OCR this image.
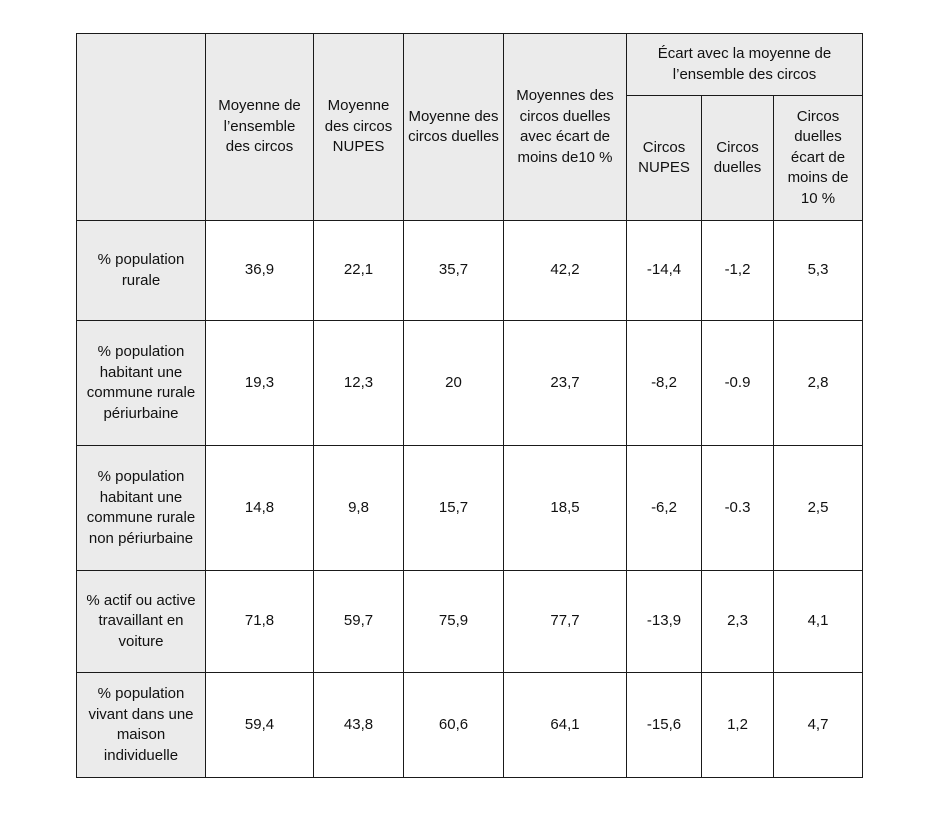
	Moyenne de l’ensemble des circos	Moyenne des circos NUPES	Moyenne des circos duelles	Moyennes des circos duelles avec écart de moins de10 %	Écart avec la moyenne de l’ensemble des circos		
					Circos NUPES	Circos duelles	Circos duelles écart de moins de 10 %
% population rurale	36,9	22,1	35,7	42,2	-14,4	-1,2	5,3
% population habitant une commune rurale périurbaine	19,3	12,3	20	23,7	-8,2	-0.9	2,8
% population habitant une commune rurale non périurbaine	14,8	9,8	15,7	18,5	-6,2	-0.3	2,5
% actif ou active travaillant en voiture	71,8	59,7	75,9	77,7	-13,9	2,3	4,1
% population vivant dans une maison individuelle	59,4	43,8	60,6	64,1	-15,6	1,2	4,7
